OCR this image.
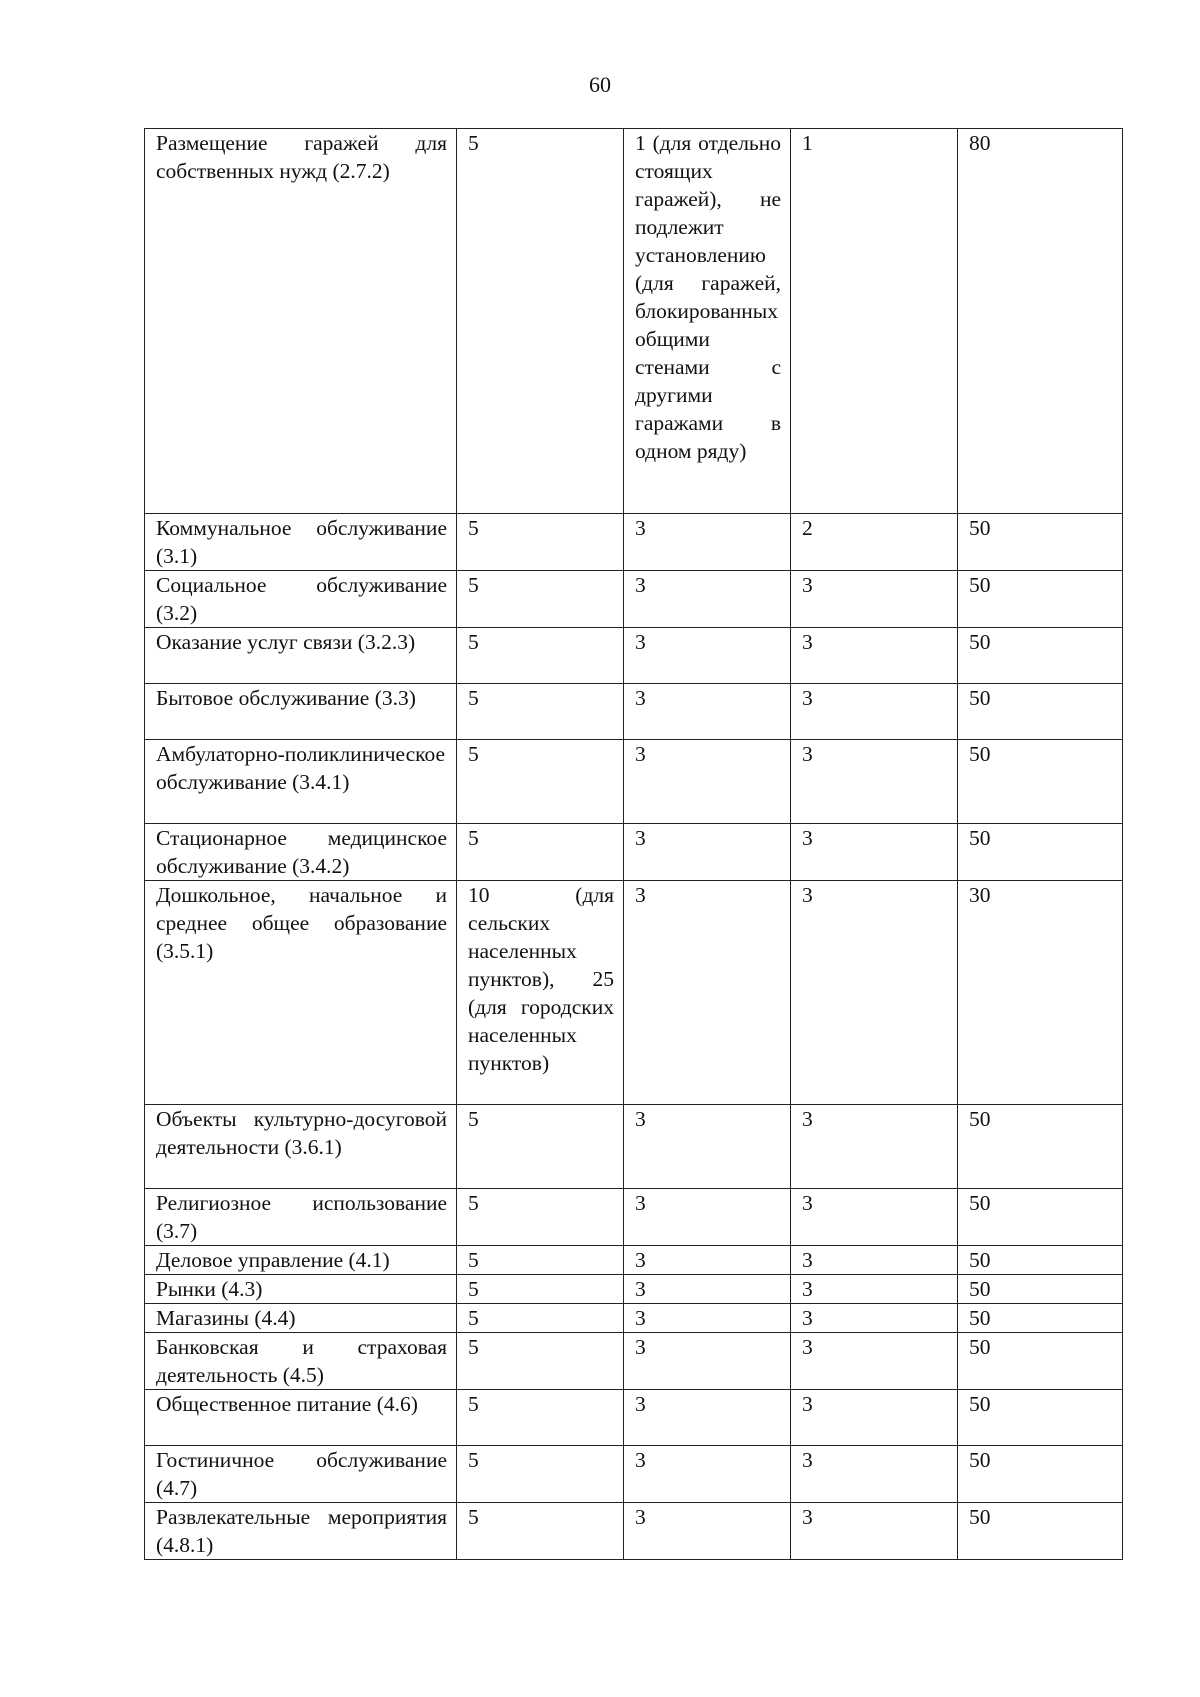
60
Размещение гаражей для собственных нужд (2.7.2)	5	1 (для отдельно стоящих гаражей), не подлежит установлению (для гаражей, блокированных общими стенами с другими гаражами в одном ряду)	1	80
Коммунальное обслуживание (3.1)	5	3	2	50
Социальное обслуживание (3.2)	5	3	3	50
Оказание услуг связи (3.2.3)	5	3	3	50
Бытовое обслуживание (3.3)	5	3	3	50
Амбулаторно-поликлиническое обслуживание (3.4.1)	5	3	3	50
Стационарное медицинское обслуживание (3.4.2)	5	3	3	50
Дошкольное, начальное и среднее общее образование (3.5.1)	10 (для сельских населенных пунктов), 25 (для городских населенных пунктов)	3	3	30
Объекты культурно-досуговой деятельности (3.6.1)	5	3	3	50
Религиозное использование (3.7)	5	3	3	50
Деловое управление (4.1)	5	3	3	50
Рынки (4.3)	5	3	3	50
Магазины (4.4)	5	3	3	50
Банковская и страховая деятельность (4.5)	5	3	3	50
Общественное питание (4.6)	5	3	3	50
Гостиничное обслуживание (4.7)	5	3	3	50
Развлекательные мероприятия (4.8.1)	5	3	3	50
